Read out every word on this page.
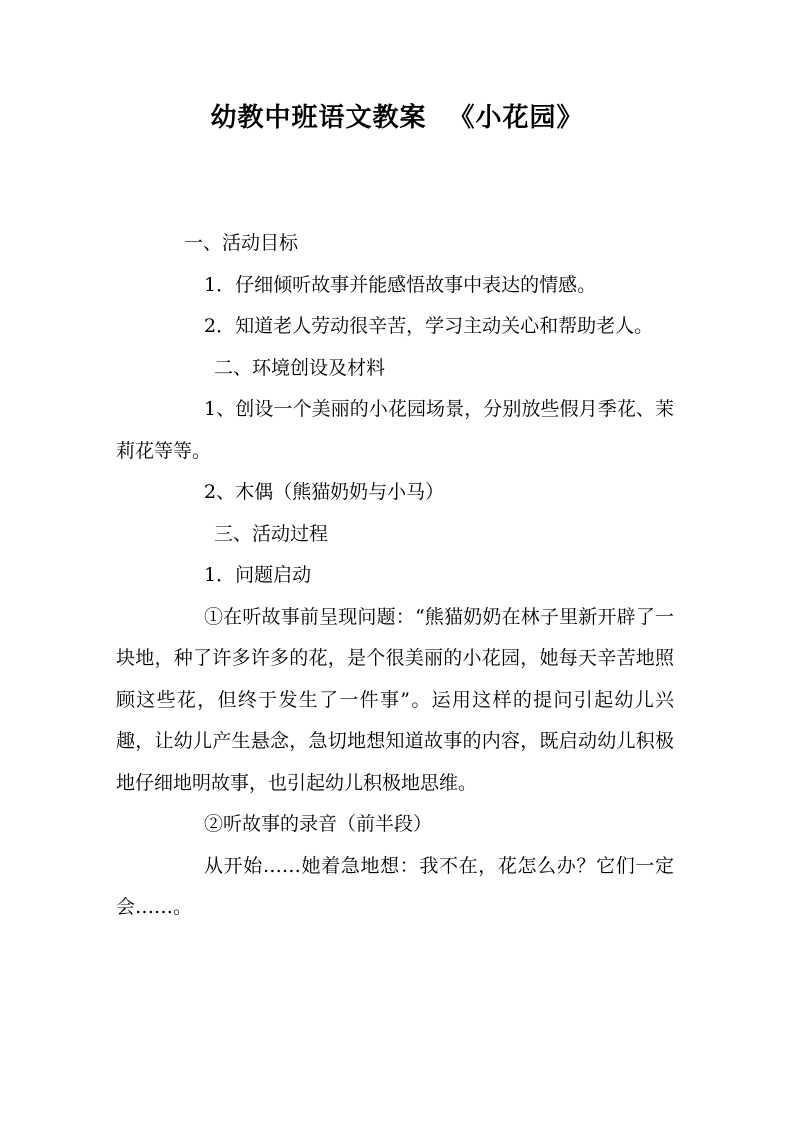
幼教中班语文教案 《小花园》

一、活动目标

1．仔细倾听故事并能感悟故事中表达的情感。

2．知道老人劳动很辛苦，学习主动关心和帮助老人。

二、环境创设及材料

1、创设一个美丽的小花园场景，分别放些假月季花、茉莉花等等。

2、木偶（熊猫奶奶与小马）

三、活动过程

1．问题启动

①在听故事前呈现问题：“熊猫奶奶在林子里新开辟了一块地，种了许多许多的花，是个很美丽的小花园，她每天辛苦地照顾这些花，但终于发生了一件事”。运用这样的提问引起幼儿兴趣，让幼儿产生悬念，急切地想知道故事的内容，既启动幼儿积极地仔细地明故事，也引起幼儿积极地思维。

②听故事的录音（前半段）

从开始……她着急地想：我不在，花怎么办？它们一定会……。
